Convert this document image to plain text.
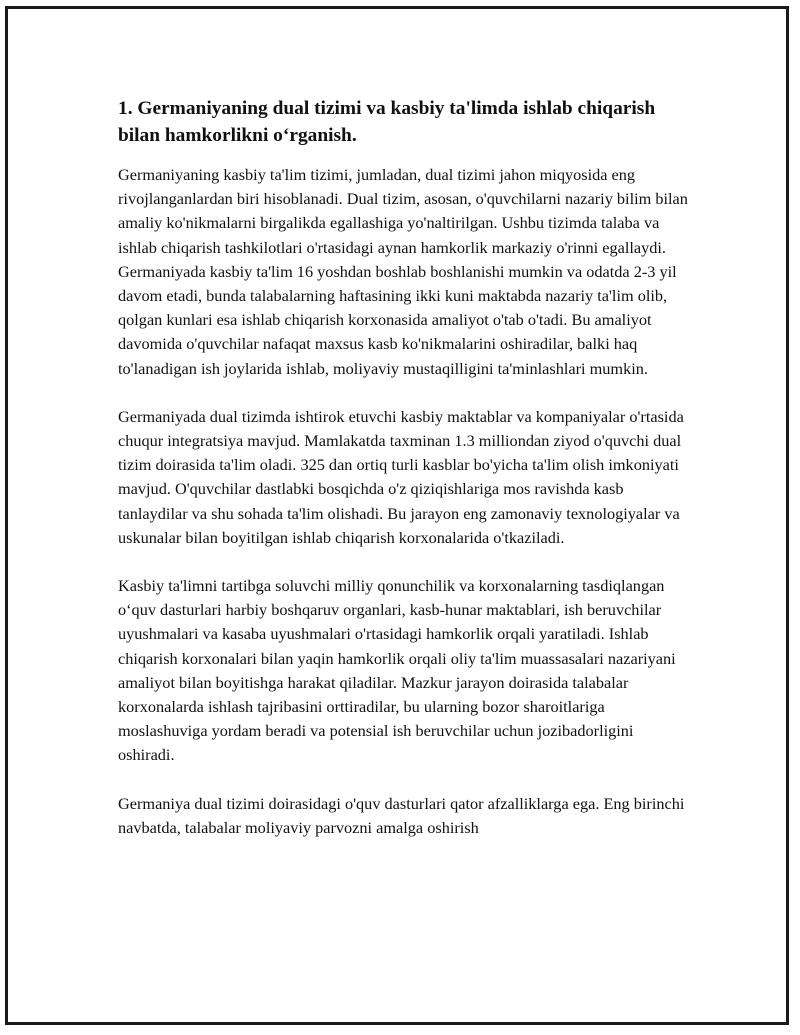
1. Germaniyaning dual tizimi va kasbiy ta'limda ishlab chiqarish bilan hamkorlikni o‘rganish.

Germaniyaning kasbiy ta'lim tizimi, jumladan, dual tizimi jahon miqyosida eng rivojlanganlardan biri hisoblanadi. Dual tizim, asosan, o'quvchilarni nazariy bilim bilan amaliy ko'nikmalarni birgalikda egallashiga yo'naltirilgan. Ushbu tizimda talaba va ishlab chiqarish tashkilotlari o'rtasidagi aynan hamkorlik markaziy o'rinni egallaydi. Germaniyada kasbiy ta'lim 16 yoshdan boshlab boshlanishi mumkin va odatda 2-3 yil davom etadi, bunda talabalarning haftasining ikki kuni maktabda nazariy ta'lim olib, qolgan kunlari esa ishlab chiqarish korxonasida amaliyot o'tab o'tadi. Bu amaliyot davomida o'quvchilar nafaqat maxsus kasb ko'nikmalarini oshiradilar, balki haq to'lanadigan ish joylarida ishlab, moliyaviy mustaqilligini ta'minlashlari mumkin.

Germaniyada dual tizimda ishtirok etuvchi kasbiy maktablar va kompaniyalar o'rtasida chuqur integratsiya mavjud. Mamlakatda taxminan 1.3 milliondan ziyod o'quvchi dual tizim doirasida ta'lim oladi. 325 dan ortiq turli kasblar bo'yicha ta'lim olish imkoniyati mavjud. O'quvchilar dastlabki bosqichda o'z qiziqishlariga mos ravishda kasb tanlaydilar va shu sohada ta'lim olishadi. Bu jarayon eng zamonaviy texnologiyalar va uskunalar bilan boyitilgan ishlab chiqarish korxonalarida o'tkaziladi.

Kasbiy ta'limni tartibga soluvchi milliy qonunchilik va korxonalarning tasdiqlangan o‘quv dasturlari harbiy boshqaruv organlari, kasb-hunar maktablari, ish beruvchilar uyushmalari va kasaba uyushmalari o'rtasidagi hamkorlik orqali yaratiladi. Ishlab chiqarish korxonalari bilan yaqin hamkorlik orqali oliy ta'lim muassasalari nazariyani amaliyot bilan boyitishga harakat qiladilar. Mazkur jarayon doirasida talabalar korxonalarda ishlash tajribasini orttiradilar, bu ularning bozor sharoitlariga moslashuviga yordam beradi va potensial ish beruvchilar uchun jozibadorligini oshiradi.

Germaniya dual tizimi doirasidagi o'quv dasturlari qator afzalliklarga ega. Eng birinchi navbatda, talabalar moliyaviy parvozni amalga oshirish
